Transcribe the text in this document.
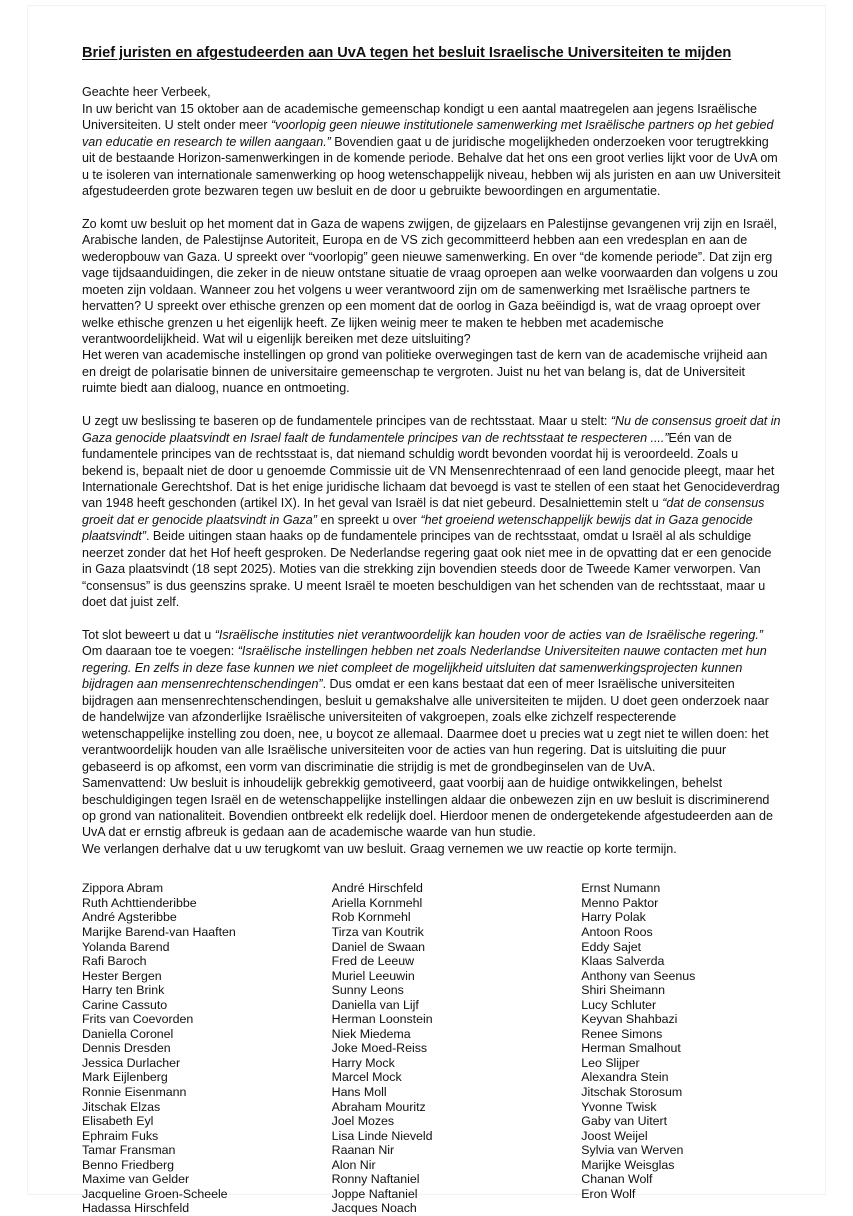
Brief juristen en afgestudeerden aan UvA tegen het besluit Israelische Universiteiten te mijden

Geachte heer Verbeek,

In uw bericht van 15 oktober aan de academische gemeenschap kondigt u een aantal maatregelen aan jegens Israëlische Universiteiten. U stelt onder meer “voorlopig geen nieuwe institutionele samenwerking met Israëlische partners op het gebied van educatie en research te willen aangaan.” Bovendien gaat u de juridische mogelijkheden onderzoeken voor terugtrekking uit de bestaande Horizon-samenwerkingen in de komende periode. Behalve dat het ons een groot verlies lijkt voor de UvA om u te isoleren van internationale samenwerking op hoog wetenschappelijk niveau, hebben wij als juristen en aan uw Universiteit afgestudeerden grote bezwaren tegen uw besluit en de door u gebruikte bewoordingen en argumentatie.

Zo komt uw besluit op het moment dat in Gaza de wapens zwijgen, de gijzelaars en Palestijnse gevangenen vrij zijn en Israël, Arabische landen, de Palestijnse Autoriteit, Europa en de VS zich gecommitteerd hebben aan een vredesplan en aan de wederopbouw van Gaza. U spreekt over “voorlopig” geen nieuwe samenwerking. En over “de komende periode”. Dat zijn erg vage tijdsaanduidingen, die zeker in de nieuw ontstane situatie de vraag oproepen aan welke voorwaarden dan volgens u zou moeten zijn voldaan. Wanneer zou het volgens u weer verantwoord zijn om de samenwerking met Israëlische partners te hervatten? U spreekt over ethische grenzen op een moment dat de oorlog in Gaza beëindigd is, wat de vraag oproept over welke ethische grenzen u het eigenlijk heeft. Ze lijken weinig meer te maken te hebben met academische verantwoordelijkheid. Wat wil u eigenlijk bereiken met deze uitsluiting?

Het weren van academische instellingen op grond van politieke overwegingen tast de kern van de academische vrijheid aan en dreigt de polarisatie binnen de universitaire gemeenschap te vergroten. Juist nu het van belang is, dat de Universiteit ruimte biedt aan dialoog, nuance en ontmoeting.

U zegt uw beslissing te baseren op de fundamentele principes van de rechtsstaat. Maar u stelt: “Nu de consensus groeit dat in Gaza genocide plaatsvindt en Israel faalt de fundamentele principes van de rechtsstaat te respecteren ....”Eén van de fundamentele principes van de rechtsstaat is, dat niemand schuldig wordt bevonden voordat hij is veroordeeld. Zoals u bekend is, bepaalt niet de door u genoemde Commissie uit de VN Mensenrechtenraad of een land genocide pleegt, maar het Internationale Gerechtshof. Dat is het enige juridische lichaam dat bevoegd is vast te stellen of een staat het Genocideverdrag van 1948 heeft geschonden (artikel IX). In het geval van Israël is dat niet gebeurd. Desalniettemin stelt u “dat de consensus groeit dat er genocide plaatsvindt in Gaza” en spreekt u over “het groeiend wetenschappelijk bewijs dat in Gaza genocide plaatsvindt”. Beide uitingen staan haaks op de fundamentele principes van de rechtsstaat, omdat u Israël al als schuldige neerzet zonder dat het Hof heeft gesproken. De Nederlandse regering gaat ook niet mee in de opvatting dat er een genocide in Gaza plaatsvindt (18 sept 2025). Moties van die strekking zijn bovendien steeds door de Tweede Kamer verworpen. Van “consensus” is dus geenszins sprake. U meent Israël te moeten beschuldigen van het schenden van de rechtsstaat, maar u doet dat juist zelf.

Tot slot beweert u dat u “Israëlische instituties niet verantwoordelijk kan houden voor de acties van de Israëlische regering.” Om daaraan toe te voegen: “Israëlische instellingen hebben net zoals Nederlandse Universiteiten nauwe contacten met hun regering. En zelfs in deze fase kunnen we niet compleet de mogelijkheid uitsluiten dat samenwerkingsprojecten kunnen bijdragen aan mensenrechtenschendingen”. Dus omdat er een kans bestaat dat een of meer Israëlische universiteiten bijdragen aan mensenrechtenschendingen, besluit u gemakshalve alle universiteiten te mijden. U doet geen onderzoek naar de handelwijze van afzonderlijke Israëlische universiteiten of vakgroepen, zoals elke zichzelf respecterende wetenschappelijke instelling zou doen, nee, u boycot ze allemaal. Daarmee doet u precies wat u zegt niet te willen doen: het verantwoordelijk houden van alle Israëlische universiteiten voor de acties van hun regering. Dat is uitsluiting die puur gebaseerd is op afkomst, een vorm van discriminatie die strijdig is met de grondbeginselen van de UvA.

Samenvattend: Uw besluit is inhoudelijk gebrekkig gemotiveerd, gaat voorbij aan de huidige ontwikkelingen, behelst beschuldigingen tegen Israël en de wetenschappelijke instellingen aldaar die onbewezen zijn en uw besluit is discriminerend op grond van nationaliteit. Bovendien ontbreekt elk redelijk doel. Hierdoor menen de ondergetekende afgestudeerden aan de UvA dat er ernstig afbreuk is gedaan aan de academische waarde van hun studie.

We verlangen derhalve dat u uw terugkomt van uw besluit. Graag vernemen we uw reactie op korte termijn.

Zippora Abram
Ruth Achttienderibbe
André Agsteribbe
Marijke Barend-van Haaften
Yolanda Barend
Rafi Baroch
Hester Bergen
Harry ten Brink
Carine Cassuto
Frits van Coevorden
Daniella Coronel
Dennis Dresden
Jessica Durlacher
Mark Eijlenberg
Ronnie Eisenmann
Jitschak Elzas
Elisabeth Eyl
Ephraim Fuks
Tamar Fransman
Benno Friedberg
Maxime van Gelder
Jacqueline Groen-Scheele
Hadassa Hirschfeld
André Hirschfeld
Ariella Kornmehl
Rob Kornmehl
Tirza van Koutrik
Daniel de Swaan
Fred de Leeuw
Muriel Leeuwin
Sunny Leons
Daniella van Lijf
Herman Loonstein
Niek Miedema
Joke Moed-Reiss
Harry Mock
Marcel Mock
Hans Moll
Abraham Mouritz
Joel Mozes
Lisa Linde Nieveld
Raanan Nir
Alon Nir
Ronny Naftaniel
Joppe Naftaniel
Jacques Noach
Ernst Numann
Menno Paktor
Harry Polak
Antoon Roos
Eddy Sajet
Klaas Salverda
Anthony van Seenus
Shiri Sheimann
Lucy Schluter
Keyvan Shahbazi
Renee Simons
Herman Smalhout
Leo Slijper
Alexandra Stein
Jitschak Storosum
Yvonne Twisk
Gaby van Uitert
Joost Weijel
Sylvia van Werven
Marijke Weisglas
Chanan Wolf
Eron Wolf
